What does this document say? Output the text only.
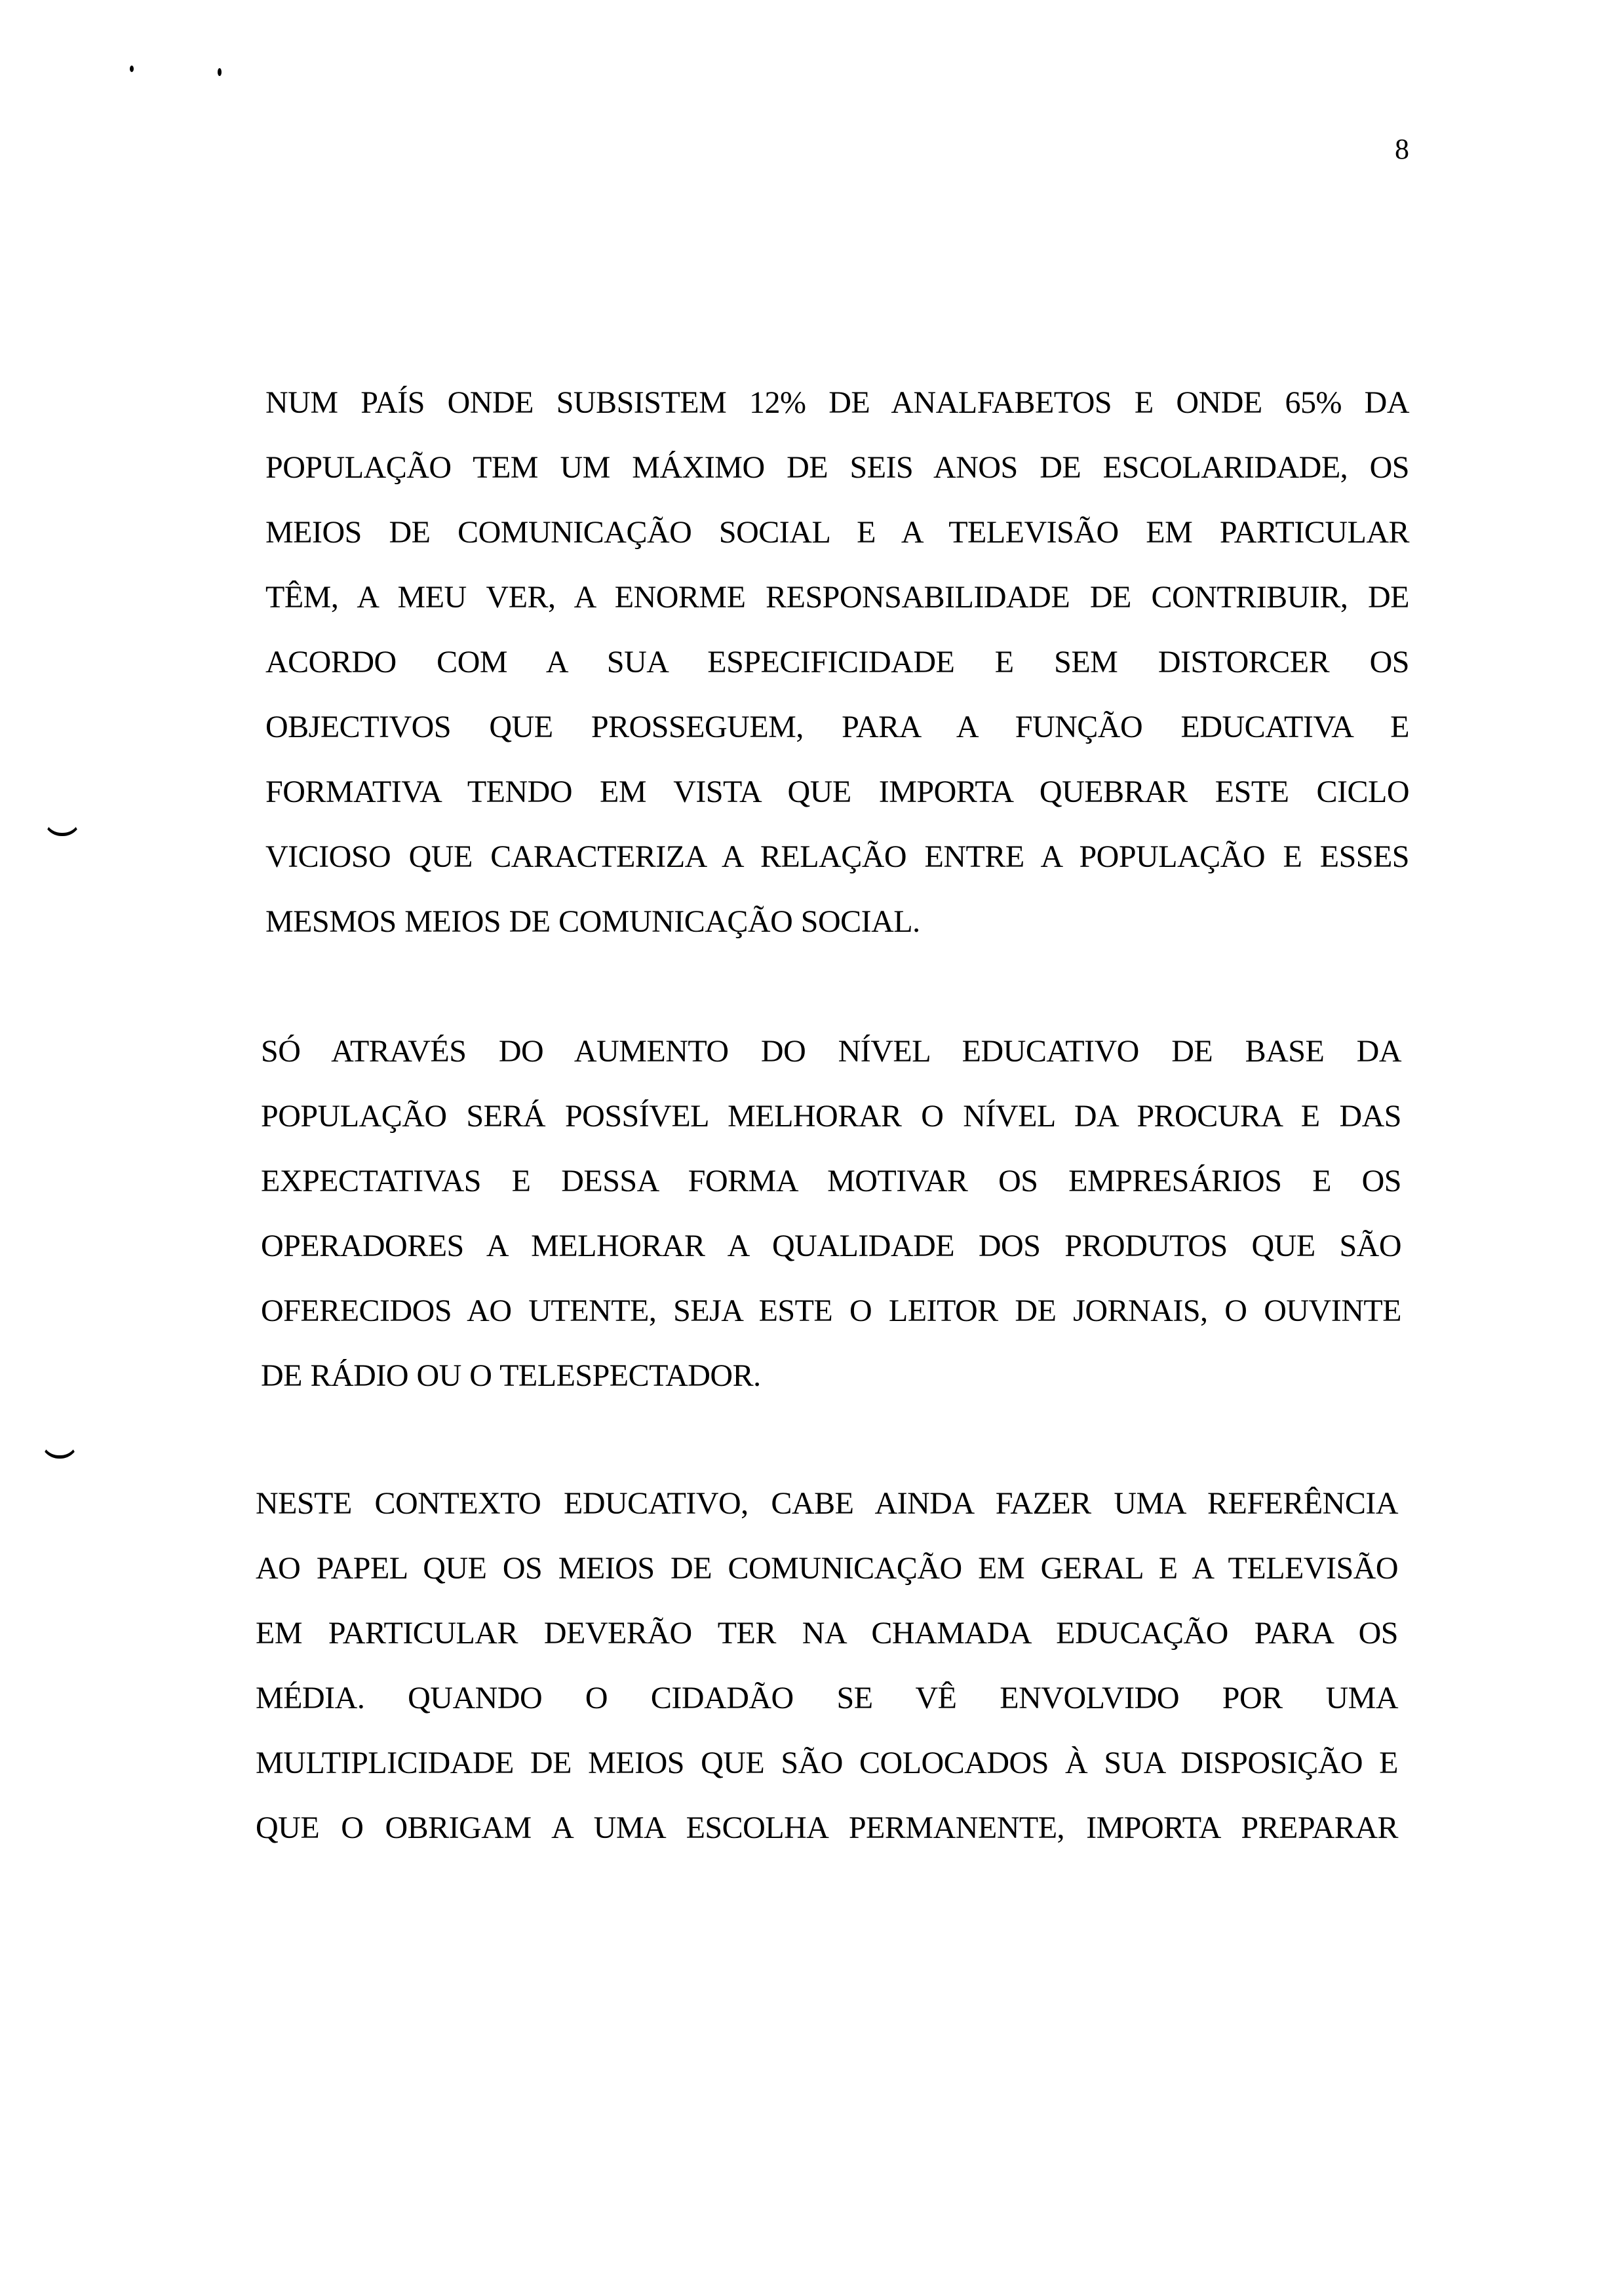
8
NUM PAÍS ONDE SUBSISTEM 12% DE ANALFABETOS E ONDE 65% DA
POPULAÇÃO TEM UM MÁXIMO DE SEIS ANOS DE ESCOLARIDADE, OS
MEIOS DE COMUNICAÇÃO SOCIAL E A TELEVISÃO EM PARTICULAR
TÊM, A MEU VER, A ENORME RESPONSABILIDADE DE CONTRIBUIR, DE
ACORDO COM A SUA ESPECIFICIDADE E SEM DISTORCER OS
OBJECTIVOS QUE PROSSEGUEM, PARA A FUNÇÃO EDUCATIVA E
FORMATIVA TENDO EM VISTA QUE IMPORTA QUEBRAR ESTE CICLO
VICIOSO QUE CARACTERIZA A RELAÇÃO ENTRE A POPULAÇÃO E ESSES
MESMOS MEIOS DE COMUNICAÇÃO SOCIAL.
SÓ ATRAVÉS DO AUMENTO DO NÍVEL EDUCATIVO DE BASE DA
POPULAÇÃO SERÁ POSSÍVEL MELHORAR O NÍVEL DA PROCURA E DAS
EXPECTATIVAS E DESSA FORMA MOTIVAR OS EMPRESÁRIOS E OS
OPERADORES A MELHORAR A QUALIDADE DOS PRODUTOS QUE SÃO
OFERECIDOS AO UTENTE, SEJA ESTE O LEITOR DE JORNAIS, O OUVINTE
DE RÁDIO OU O TELESPECTADOR.
NESTE CONTEXTO EDUCATIVO, CABE AINDA FAZER UMA REFERÊNCIA
AO PAPEL QUE OS MEIOS DE COMUNICAÇÃO EM GERAL E A TELEVISÃO
EM PARTICULAR DEVERÃO TER NA CHAMADA EDUCAÇÃO PARA OS
MÉDIA. QUANDO O CIDADÃO SE VÊ ENVOLVIDO POR UMA
MULTIPLICIDADE DE MEIOS QUE SÃO COLOCADOS À SUA DISPOSIÇÃO E
QUE O OBRIGAM A UMA ESCOLHA PERMANENTE, IMPORTA PREPARAR
